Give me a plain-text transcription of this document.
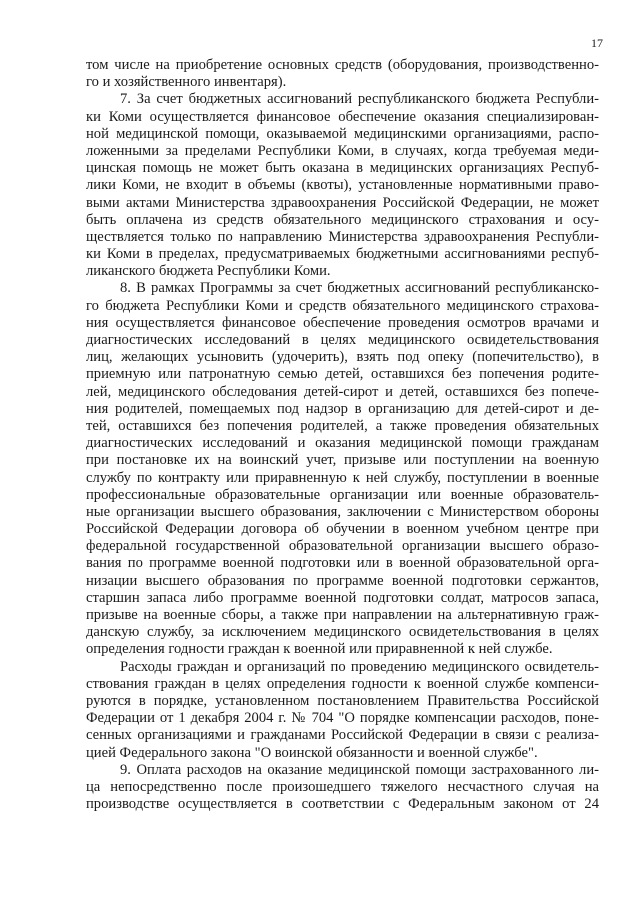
17
том числе на приобретение основных средств (оборудования, производственно-
го и хозяйственного инвентаря).
7. За счет бюджетных ассигнований республиканского бюджета Республи-
ки Коми осуществляется финансовое обеспечение оказания специализирован-
ной медицинской помощи, оказываемой медицинскими организациями, распо-
ложенными за пределами Республики Коми, в случаях, когда требуемая меди-
цинская помощь не может быть оказана в медицинских организациях Респуб-
лики Коми, не входит в объемы (квоты), установленные нормативными право-
выми актами Министерства здравоохранения Российской Федерации, не может
быть оплачена из средств обязательного медицинского страхования и осу-
ществляется только по направлению Министерства здравоохранения Республи-
ки Коми в пределах, предусматриваемых бюджетными ассигнованиями респуб-
ликанского бюджета Республики Коми.
8. В рамках Программы за счет бюджетных ассигнований республиканско-
го бюджета Республики Коми и средств обязательного медицинского страхова-
ния осуществляется финансовое обеспечение проведения осмотров врачами и
диагностических исследований в целях медицинского освидетельствования
лиц, желающих усыновить (удочерить), взять под опеку (попечительство), в
приемную или патронатную семью детей, оставшихся без попечения родите-
лей, медицинского обследования детей-сирот и детей, оставшихся без попече-
ния родителей, помещаемых под надзор в организацию для детей-сирот и де-
тей, оставшихся без попечения родителей, а также проведения обязательных
диагностических исследований и оказания медицинской помощи гражданам
при постановке их на воинский учет, призыве или поступлении на военную
службу по контракту или приравненную к ней службу, поступлении в военные
профессиональные образовательные организации или военные образователь-
ные организации высшего образования, заключении с Министерством обороны
Российской Федерации договора об обучении в военном учебном центре при
федеральной государственной образовательной организации высшего образо-
вания по программе военной подготовки или в военной образовательной орга-
низации высшего образования по программе военной подготовки сержантов,
старшин запаса либо программе военной подготовки солдат, матросов запаса,
призыве на военные сборы, а также при направлении на альтернативную граж-
данскую службу, за исключением медицинского освидетельствования в целях
определения годности граждан к военной или приравненной к ней службе.
Расходы граждан и организаций по проведению медицинского освидетель-
ствования граждан в целях определения годности к военной службе компенси-
руются в порядке, установленном постановлением Правительства Российской
Федерации от 1 декабря 2004 г. № 704 "О порядке компенсации расходов, поне-
сенных организациями и гражданами Российской Федерации в связи с реализа-
цией Федерального закона "О воинской обязанности и военной службе".
9. Оплата расходов на оказание медицинской помощи застрахованного ли-
ца непосредственно после произошедшего тяжелого несчастного случая на
производстве осуществляется в соответствии с Федеральным законом от 24
